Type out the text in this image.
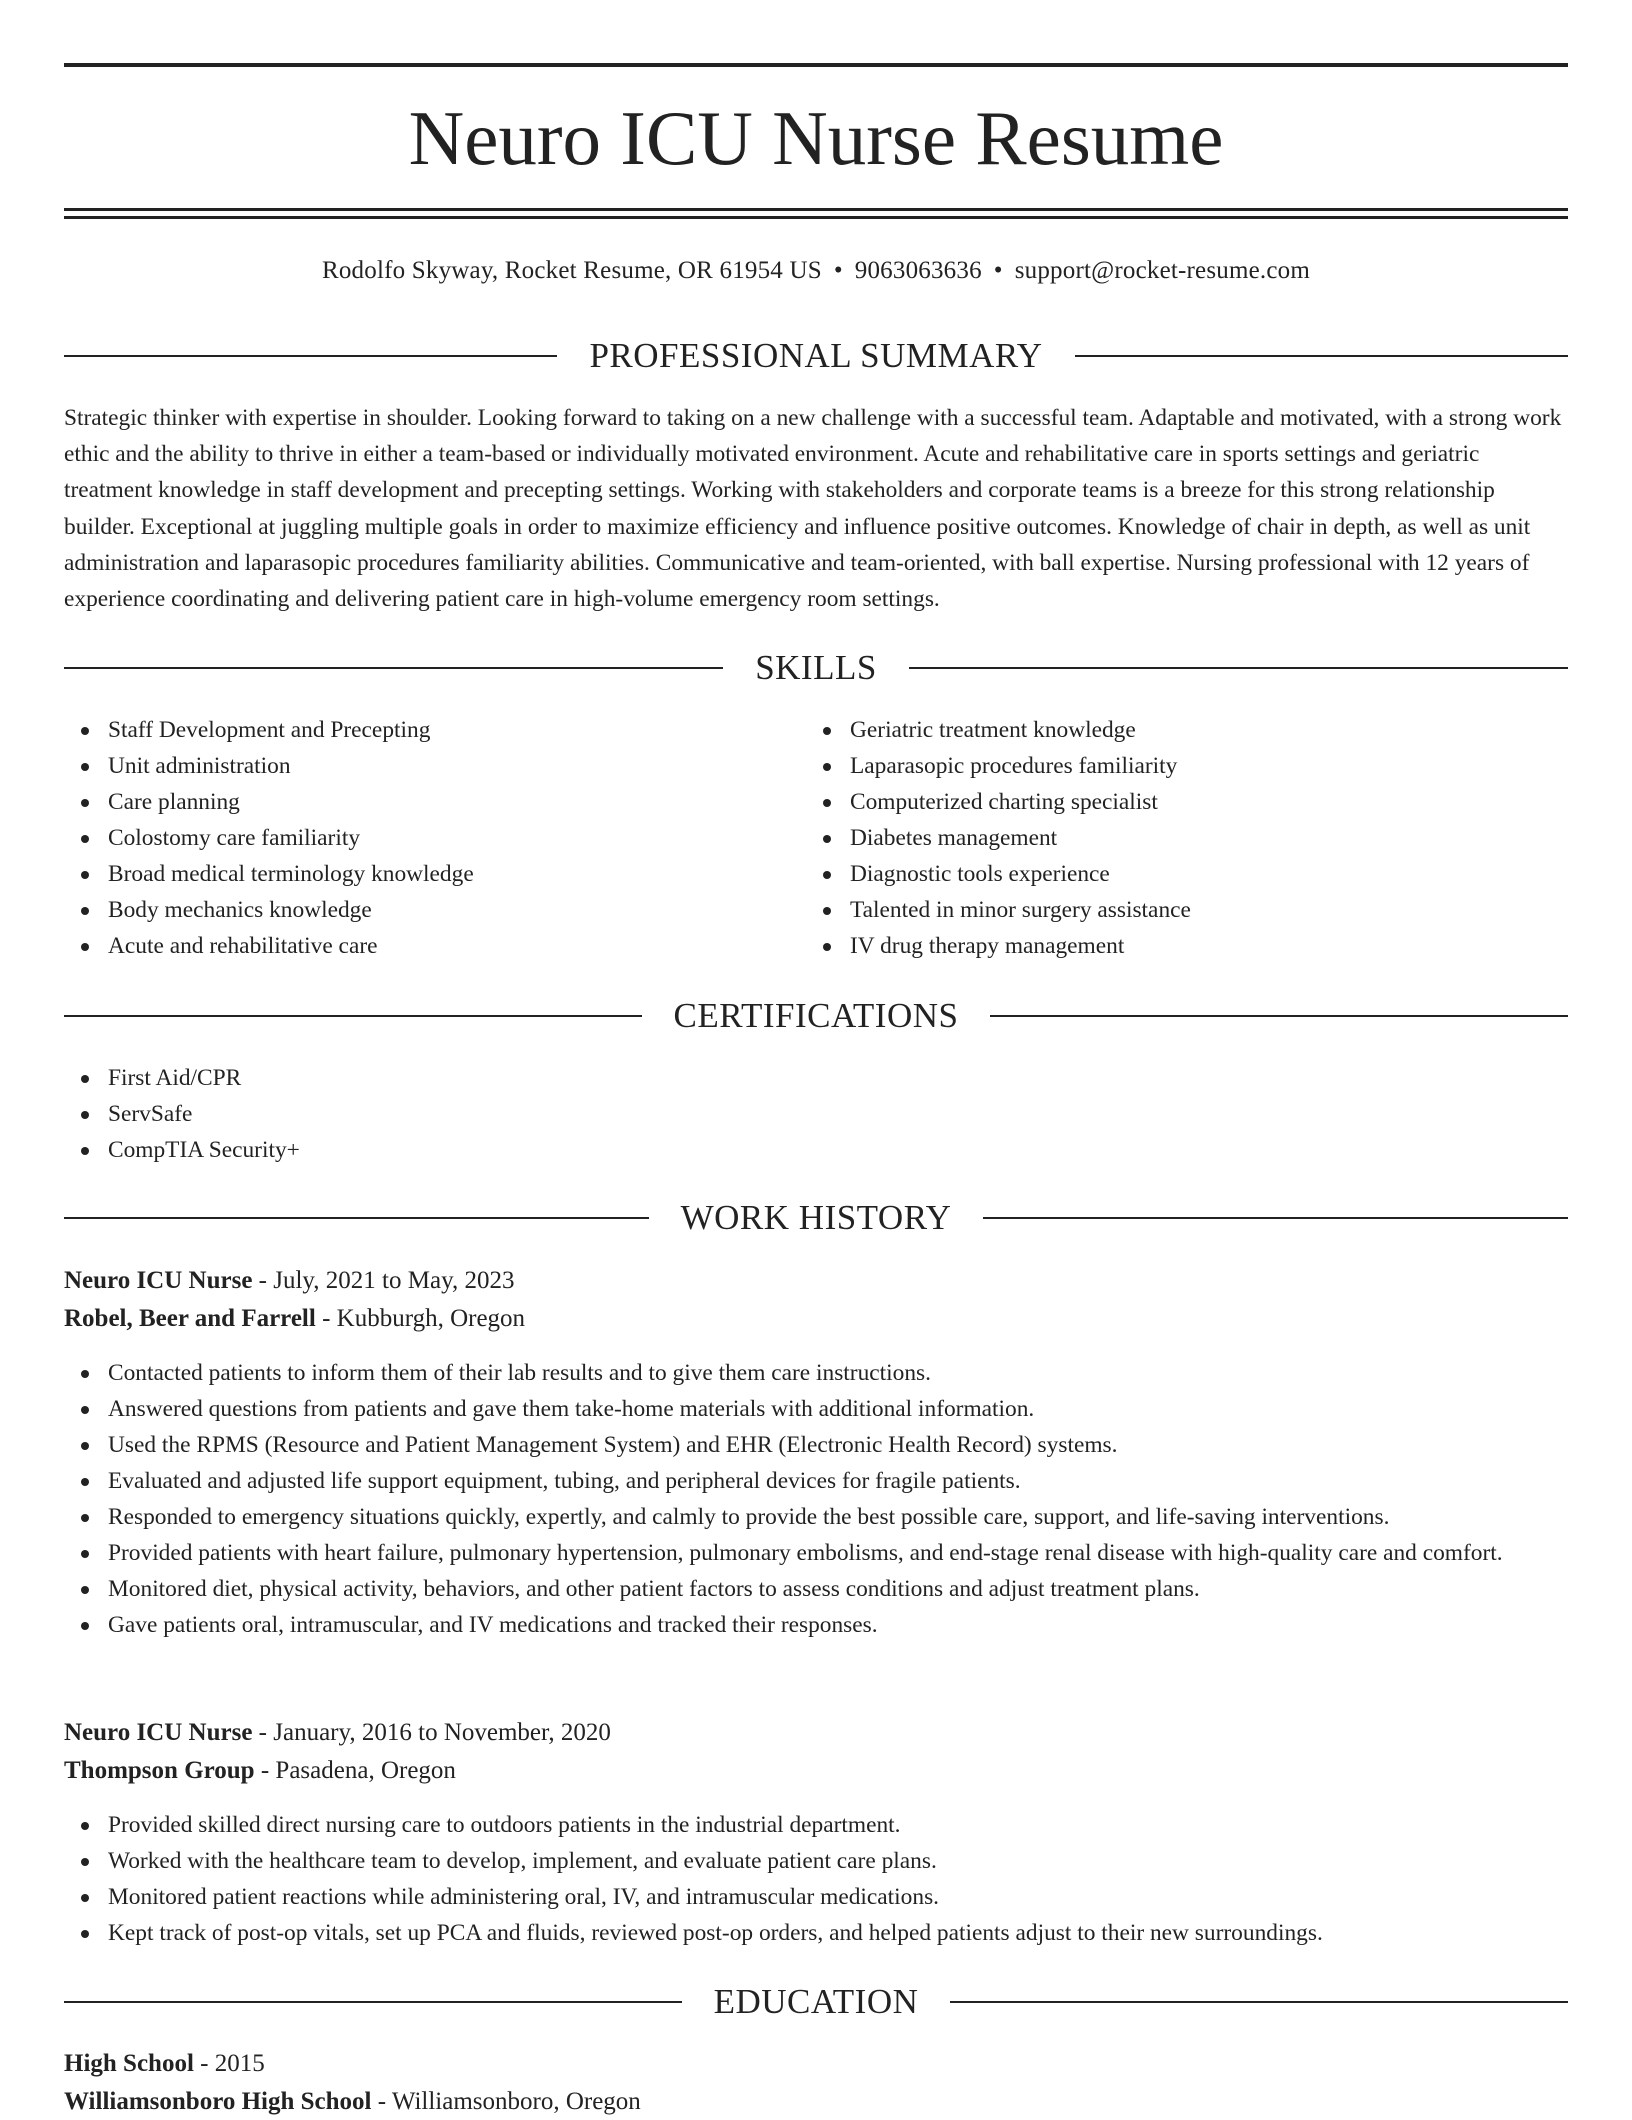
Neuro ICU Nurse Resume
Rodolfo Skyway, Rocket Resume, OR 61954 US • 9063063636 • support@rocket-resume.com
PROFESSIONAL SUMMARY

Strategic thinker with expertise in shoulder. Looking forward to taking on a new challenge with a successful team. Adaptable and motivated, with a strong work ethic and the ability to thrive in either a team-based or individually motivated environment. Acute and rehabilitative care in sports settings and geriatric treatment knowledge in staff development and precepting settings. Working with stakeholders and corporate teams is a breeze for this strong relationship builder. Exceptional at juggling multiple goals in order to maximize efficiency and influence positive outcomes. Knowledge of chair in depth, as well as unit administration and laparasopic procedures familiarity abilities. Communicative and team-oriented, with ball expertise. Nursing professional with 12 years of experience coordinating and delivering patient care in high-volume emergency room settings.

SKILLS
Staff Development and Precepting
Unit administration
Care planning
Colostomy care familiarity
Broad medical terminology knowledge
Body mechanics knowledge
Acute and rehabilitative care
Geriatric treatment knowledge
Laparasopic procedures familiarity
Computerized charting specialist
Diabetes management
Diagnostic tools experience
Talented in minor surgery assistance
IV drug therapy management
CERTIFICATIONS
First Aid/CPR
ServSafe
CompTIA Security+
WORK HISTORY
Neuro ICU Nurse - July, 2021 to May, 2023
Robel, Beer and Farrell - Kubburgh, Oregon
Contacted patients to inform them of their lab results and to give them care instructions.
Answered questions from patients and gave them take-home materials with additional information.
Used the RPMS (Resource and Patient Management System) and EHR (Electronic Health Record) systems.
Evaluated and adjusted life support equipment, tubing, and peripheral devices for fragile patients.
Responded to emergency situations quickly, expertly, and calmly to provide the best possible care, support, and life-saving interventions.
Provided patients with heart failure, pulmonary hypertension, pulmonary embolisms, and end-stage renal disease with high-quality care and comfort.
Monitored diet, physical activity, behaviors, and other patient factors to assess conditions and adjust treatment plans.
Gave patients oral, intramuscular, and IV medications and tracked their responses.
Neuro ICU Nurse - January, 2016 to November, 2020
Thompson Group - Pasadena, Oregon
Provided skilled direct nursing care to outdoors patients in the industrial department.
Worked with the healthcare team to develop, implement, and evaluate patient care plans.
Monitored patient reactions while administering oral, IV, and intramuscular medications.
Kept track of post-op vitals, set up PCA and fluids, reviewed post-op orders, and helped patients adjust to their new surroundings.
EDUCATION
High School - 2015
Williamsonboro High School - Williamsonboro, Oregon
